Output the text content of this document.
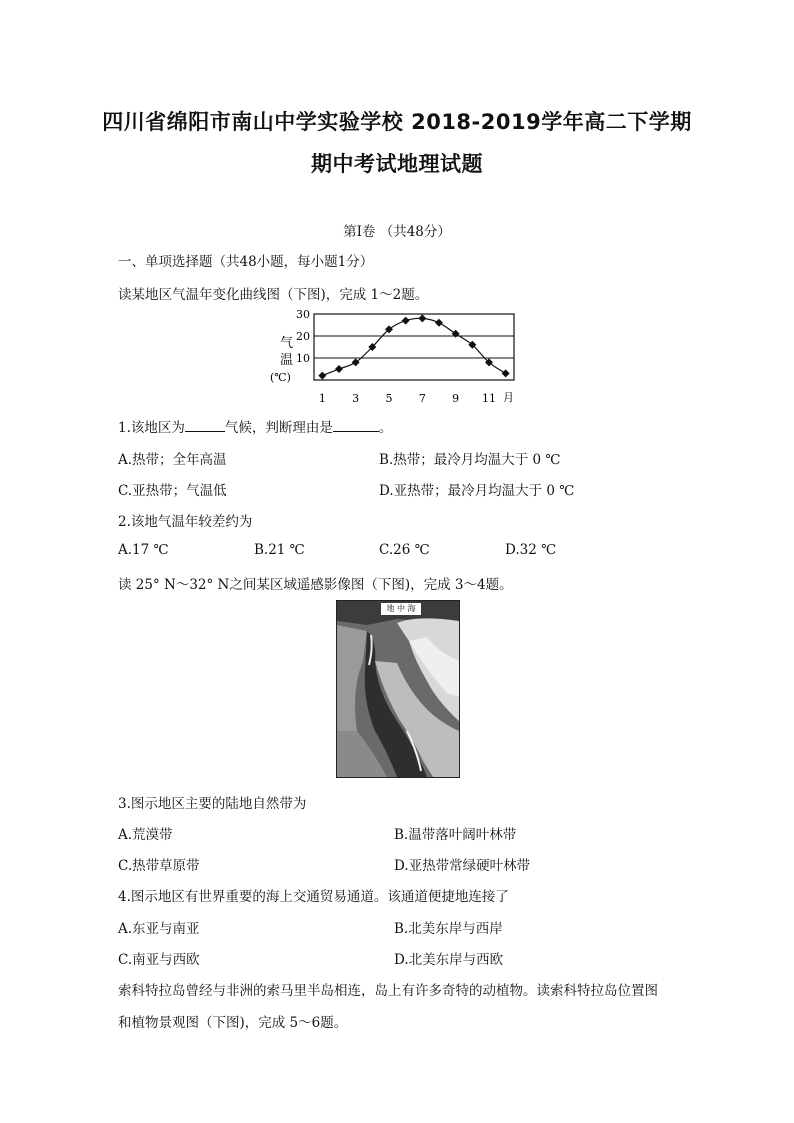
四川省绵阳市南山中学实验学校 2018-2019学年高二下学期
期中考试地理试题
第Ⅰ卷 （共48分）
一、单项选择题（共48小题，每小题1分）
读某地区气温年变化曲线图（下图)，完成 1～2题。
10
20
30
1 3 5 7 9 11
气
温
(℃)
月
1.该地区为	气候，判断理由是	。
A.热带；全年高温	B.热带；最冷月均温大于 0 ℃
C.亚热带；气温低	D.亚热带；最冷月均温大于 0 ℃
2.该地气温年较差约为
A.17 ℃	B.21 ℃	C.26 ℃	D.32 ℃
读 25° N～32° N之间某区域遥感影像图（下图)，完成 3～4题。
地 中 海
3.图示地区主要的陆地自然带为
A.荒漠带	B.温带落叶阔叶林带
C.热带草原带	D.亚热带常绿硬叶林带
4.图示地区有世界重要的海上交通贸易通道。该通道便捷地连接了
A.东亚与南亚	B.北美东岸与西岸
C.南亚与西欧	D.北美东岸与西欧
索科特拉岛曾经与非洲的索马里半岛相连，岛上有许多奇特的动植物。读索科特拉岛位置图
和植物景观图（下图)，完成 5～6题。
